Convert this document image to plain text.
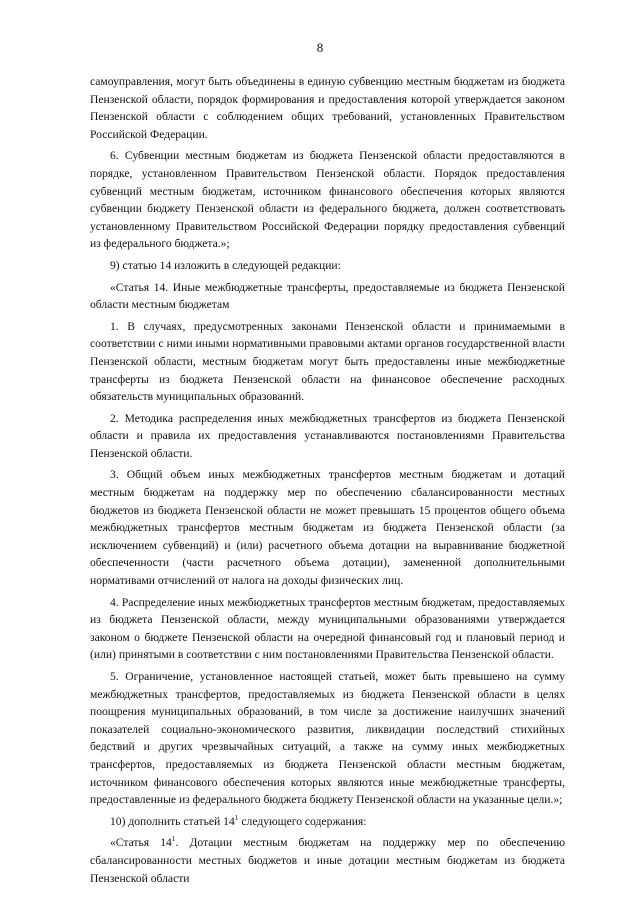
8

самоуправления, могут быть объединены в единую субвенцию местным бюджетам из бюджета Пензенской области, порядок формирования и предоставления которой утверждается законом Пензенской области с соблюдением общих требований, установленных Правительством Российской Федерации.

6. Субвенции местным бюджетам из бюджета Пензенской области предоставляются в порядке, установленном Правительством Пензенской области. Порядок предоставления субвенций местным бюджетам, источником финансового обеспечения которых являются субвенции бюджету Пензенской области из федерального бюджета, должен соответствовать установленному Правительством Российской Федерации порядку предоставления субвенций из федерального бюджета.»;

9) статью 14 изложить в следующей редакции:

«Статья 14. Иные межбюджетные трансферты, предоставляемые из бюджета Пензенской области местным бюджетам

1. В случаях, предусмотренных законами Пензенской области и принимаемыми в соответствии с ними иными нормативными правовыми актами органов государственной власти Пензенской области, местным бюджетам могут быть предоставлены иные межбюджетные трансферты из бюджета Пензенской области на финансовое обеспечение расходных обязательств муниципальных образований.

2. Методика распределения иных межбюджетных трансфертов из бюджета Пензенской области и правила их предоставления устанавливаются постановлениями Правительства Пензенской области.

3. Общий объем иных межбюджетных трансфертов местным бюджетам и дотаций местным бюджетам на поддержку мер по обеспечению сбалансированности местных бюджетов из бюджета Пензенской области не может превышать 15 процентов общего объема межбюджетных трансфертов местным бюджетам из бюджета Пензенской области (за исключением субвенций) и (или) расчетного объема дотации на выравнивание бюджетной обеспеченности (части расчетного объема дотации), замененной дополнительными нормативами отчислений от налога на доходы физических лиц.

4. Распределение иных межбюджетных трансфертов местным бюджетам, предоставляемых из бюджета Пензенской области, между муниципальными образованиями утверждается законом о бюджете Пензенской области на очередной финансовый год и плановый период и (или) принятыми в соответствии с ним постановлениями Правительства Пензенской области.

5. Ограничение, установленное настоящей статьей, может быть превышено на сумму межбюджетных трансфертов, предоставляемых из бюджета Пензенской области в целях поощрения муниципальных образований, в том числе за достижение наилучших значений показателей социально-экономического развития, ликвидации последствий стихийных бедствий и других чрезвычайных ситуаций, а также на сумму иных межбюджетных трансфертов, предоставляемых из бюджета Пензенской области местным бюджетам, источником финансового обеспечения которых являются иные межбюджетные трансферты, предоставленные из федерального бюджета бюджету Пензенской области на указанные цели.»;

10) дополнить статьей $14^1$ следующего содержания:

«Статья $14^1$. Дотации местным бюджетам на поддержку мер по обеспечению сбалансированности местных бюджетов и иные дотации местным бюджетам из бюджета Пензенской области
